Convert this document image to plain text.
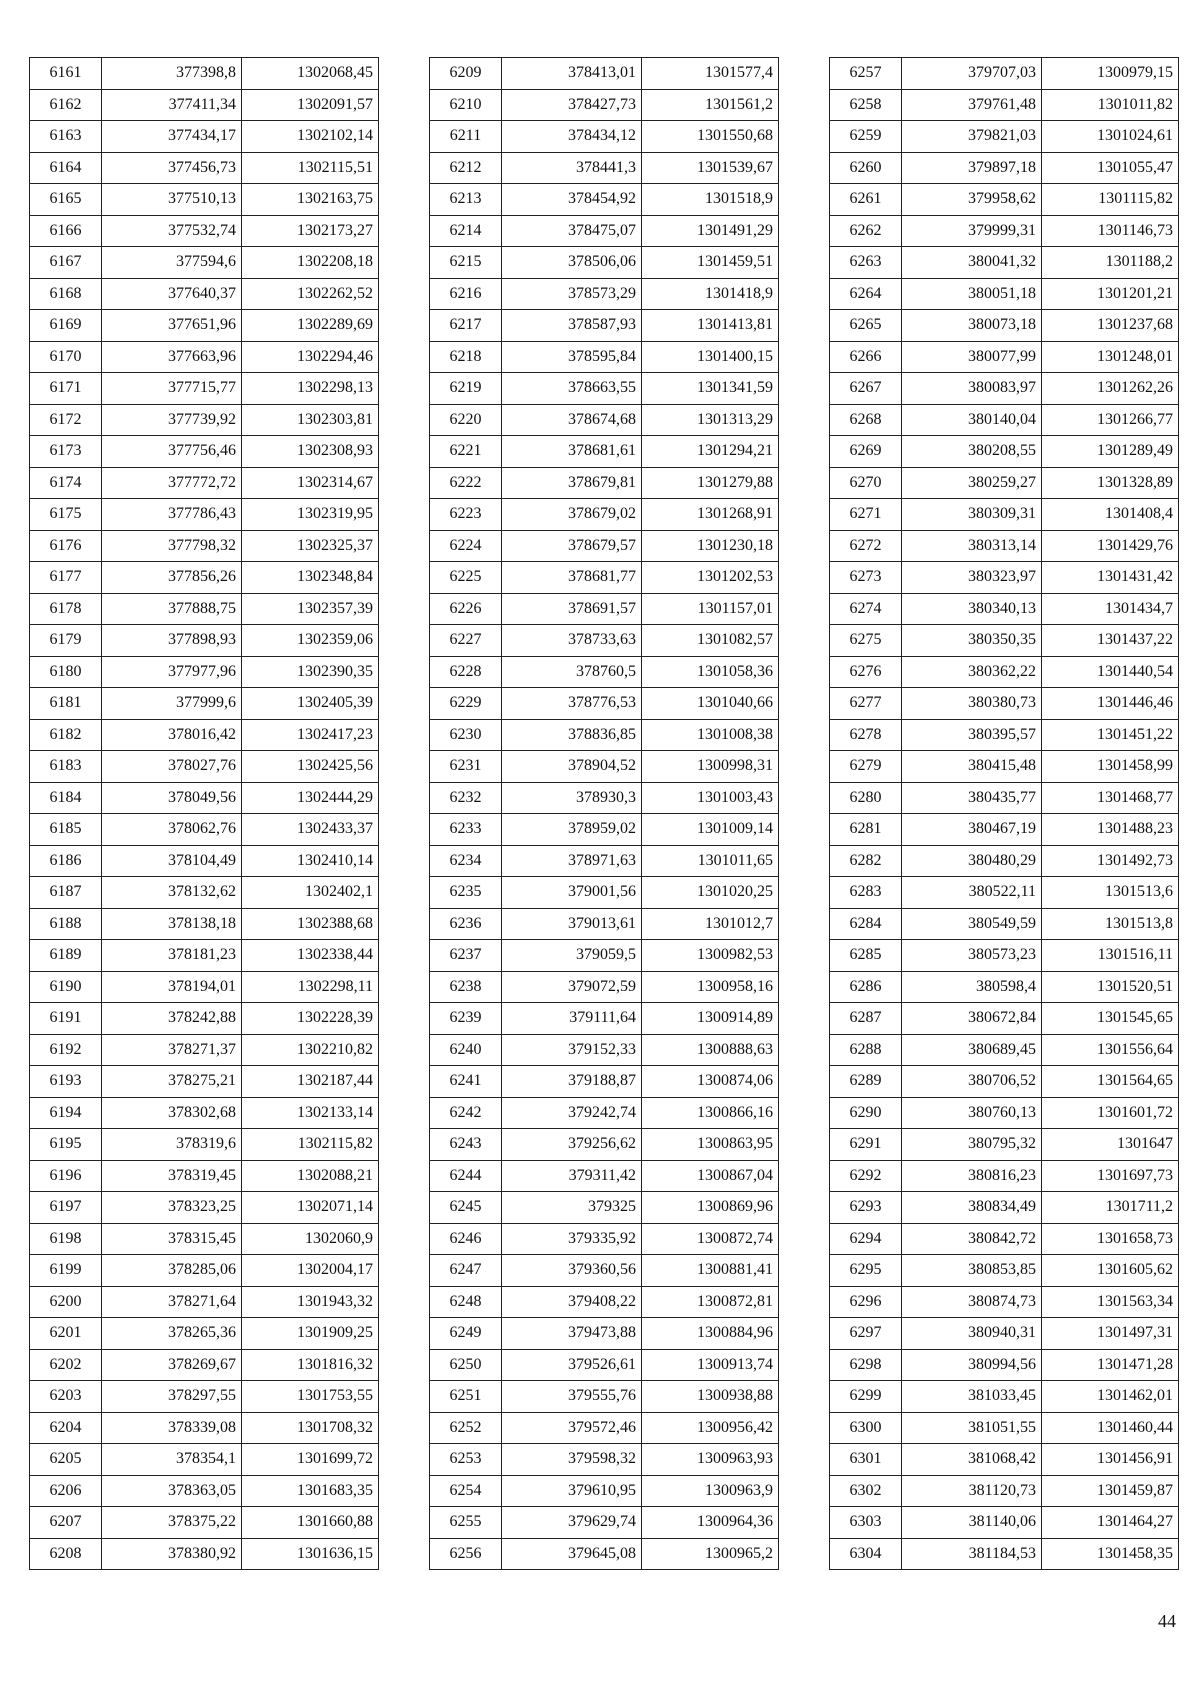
6161	377398,8	1302068,45
6162	377411,34	1302091,57
6163	377434,17	1302102,14
6164	377456,73	1302115,51
6165	377510,13	1302163,75
6166	377532,74	1302173,27
6167	377594,6	1302208,18
6168	377640,37	1302262,52
6169	377651,96	1302289,69
6170	377663,96	1302294,46
6171	377715,77	1302298,13
6172	377739,92	1302303,81
6173	377756,46	1302308,93
6174	377772,72	1302314,67
6175	377786,43	1302319,95
6176	377798,32	1302325,37
6177	377856,26	1302348,84
6178	377888,75	1302357,39
6179	377898,93	1302359,06
6180	377977,96	1302390,35
6181	377999,6	1302405,39
6182	378016,42	1302417,23
6183	378027,76	1302425,56
6184	378049,56	1302444,29
6185	378062,76	1302433,37
6186	378104,49	1302410,14
6187	378132,62	1302402,1
6188	378138,18	1302388,68
6189	378181,23	1302338,44
6190	378194,01	1302298,11
6191	378242,88	1302228,39
6192	378271,37	1302210,82
6193	378275,21	1302187,44
6194	378302,68	1302133,14
6195	378319,6	1302115,82
6196	378319,45	1302088,21
6197	378323,25	1302071,14
6198	378315,45	1302060,9
6199	378285,06	1302004,17
6200	378271,64	1301943,32
6201	378265,36	1301909,25
6202	378269,67	1301816,32
6203	378297,55	1301753,55
6204	378339,08	1301708,32
6205	378354,1	1301699,72
6206	378363,05	1301683,35
6207	378375,22	1301660,88
6208	378380,92	1301636,15
6209	378413,01	1301577,4
6210	378427,73	1301561,2
6211	378434,12	1301550,68
6212	378441,3	1301539,67
6213	378454,92	1301518,9
6214	378475,07	1301491,29
6215	378506,06	1301459,51
6216	378573,29	1301418,9
6217	378587,93	1301413,81
6218	378595,84	1301400,15
6219	378663,55	1301341,59
6220	378674,68	1301313,29
6221	378681,61	1301294,21
6222	378679,81	1301279,88
6223	378679,02	1301268,91
6224	378679,57	1301230,18
6225	378681,77	1301202,53
6226	378691,57	1301157,01
6227	378733,63	1301082,57
6228	378760,5	1301058,36
6229	378776,53	1301040,66
6230	378836,85	1301008,38
6231	378904,52	1300998,31
6232	378930,3	1301003,43
6233	378959,02	1301009,14
6234	378971,63	1301011,65
6235	379001,56	1301020,25
6236	379013,61	1301012,7
6237	379059,5	1300982,53
6238	379072,59	1300958,16
6239	379111,64	1300914,89
6240	379152,33	1300888,63
6241	379188,87	1300874,06
6242	379242,74	1300866,16
6243	379256,62	1300863,95
6244	379311,42	1300867,04
6245	379325	1300869,96
6246	379335,92	1300872,74
6247	379360,56	1300881,41
6248	379408,22	1300872,81
6249	379473,88	1300884,96
6250	379526,61	1300913,74
6251	379555,76	1300938,88
6252	379572,46	1300956,42
6253	379598,32	1300963,93
6254	379610,95	1300963,9
6255	379629,74	1300964,36
6256	379645,08	1300965,2
6257	379707,03	1300979,15
6258	379761,48	1301011,82
6259	379821,03	1301024,61
6260	379897,18	1301055,47
6261	379958,62	1301115,82
6262	379999,31	1301146,73
6263	380041,32	1301188,2
6264	380051,18	1301201,21
6265	380073,18	1301237,68
6266	380077,99	1301248,01
6267	380083,97	1301262,26
6268	380140,04	1301266,77
6269	380208,55	1301289,49
6270	380259,27	1301328,89
6271	380309,31	1301408,4
6272	380313,14	1301429,76
6273	380323,97	1301431,42
6274	380340,13	1301434,7
6275	380350,35	1301437,22
6276	380362,22	1301440,54
6277	380380,73	1301446,46
6278	380395,57	1301451,22
6279	380415,48	1301458,99
6280	380435,77	1301468,77
6281	380467,19	1301488,23
6282	380480,29	1301492,73
6283	380522,11	1301513,6
6284	380549,59	1301513,8
6285	380573,23	1301516,11
6286	380598,4	1301520,51
6287	380672,84	1301545,65
6288	380689,45	1301556,64
6289	380706,52	1301564,65
6290	380760,13	1301601,72
6291	380795,32	1301647
6292	380816,23	1301697,73
6293	380834,49	1301711,2
6294	380842,72	1301658,73
6295	380853,85	1301605,62
6296	380874,73	1301563,34
6297	380940,31	1301497,31
6298	380994,56	1301471,28
6299	381033,45	1301462,01
6300	381051,55	1301460,44
6301	381068,42	1301456,91
6302	381120,73	1301459,87
6303	381140,06	1301464,27
6304	381184,53	1301458,35
44
